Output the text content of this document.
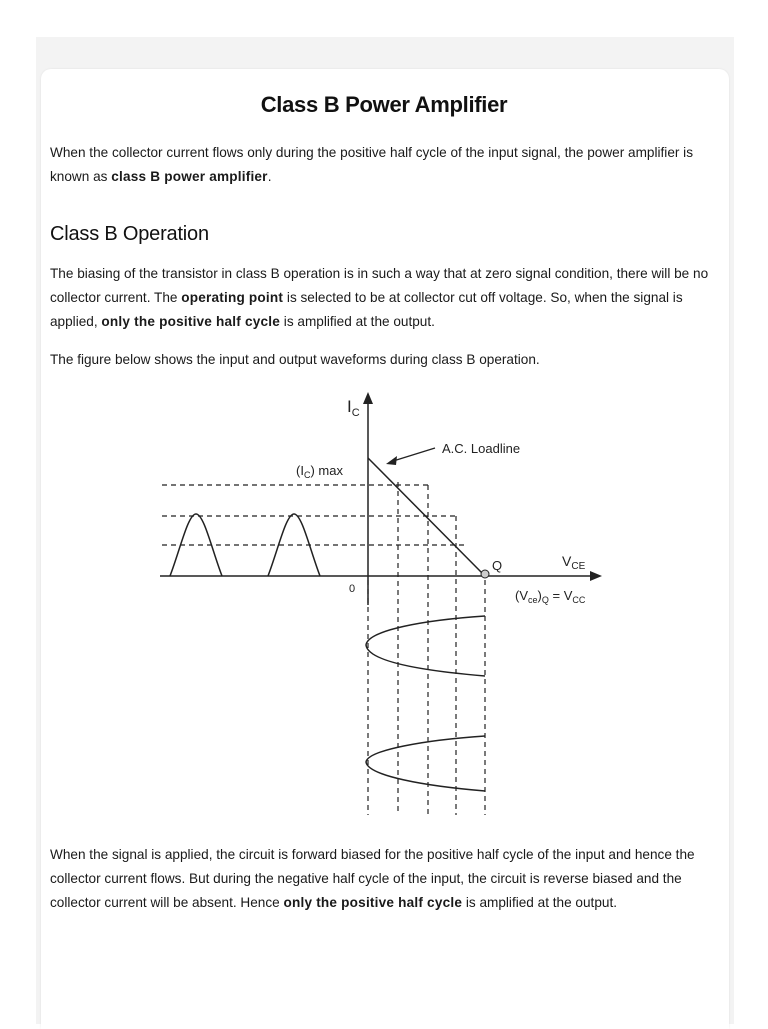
Class B Power Amplifier
When the collector current flows only during the positive half cycle of the input signal, the power amplifier is known as class B power amplifier.
Class B Operation
The biasing of the transistor in class B operation is in such a way that at zero signal condition, there will be no collector current. The operating point is selected to be at collector cut off voltage. So, when the signal is applied, only the positive half cycle is amplified at the output.
The figure below shows the input and output waveforms during class B operation.
$I_C$
A.C. Loadline
$(I_C)$ max
Q	$V_{CE}$
0	$(V_{ce})_Q = V_{CC}$
When the signal is applied, the circuit is forward biased for the positive half cycle of the input and hence the collector current flows. But during the negative half cycle of the input, the circuit is reverse biased and the collector current will be absent. Hence only the positive half cycle is amplified at the output.
